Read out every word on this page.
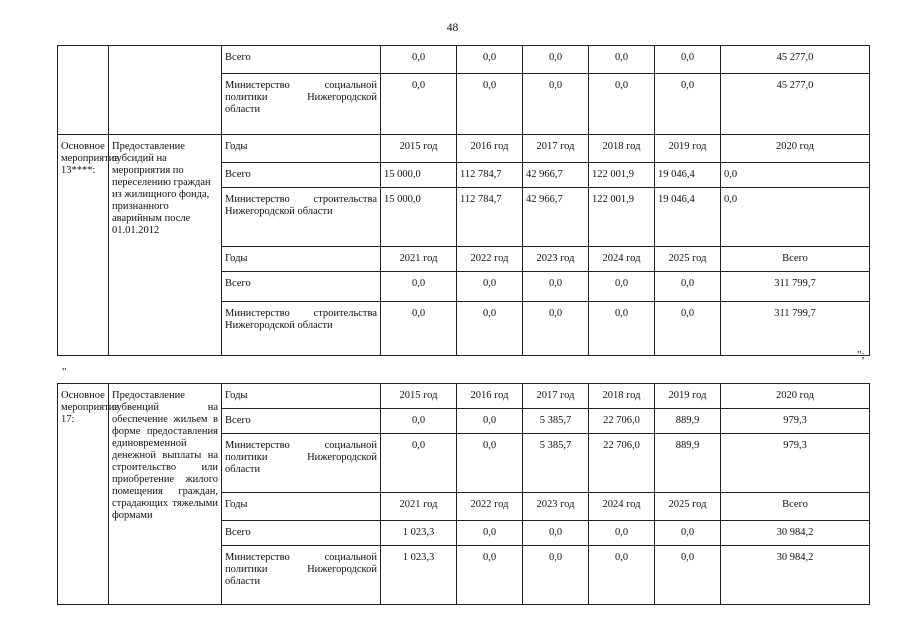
48
		Всего	0,0	0,0	0,0	0,0	0,0	45 277,0
		Министерство социальной политики Нижегородской области	0,0	0,0	0,0	0,0	0,0	45 277,0
Основное мероприятие 13****:	Предоставление субсидий на мероприятия по переселению граждан из жилищного фонда, признанного аварийным после 01.01.2012	Годы	2015 год	2016 год	2017 год	2018 год	2019 год	2020 год
		Всего	15 000,0	112 784,7	42 966,7	122 001,9	19 046,4	0,0
		Министерство строительства Нижегородской области	15 000,0	112 784,7	42 966,7	122 001,9	19 046,4	0,0
		Годы	2021 год	2022 год	2023 год	2024 год	2025 год	Всего
		Всего	0,0	0,0	0,0	0,0	0,0	311 799,7
		Министерство строительства Нижегородской области	0,0	0,0	0,0	0,0	0,0	311 799,7
";
"
Основное мероприятие 17:	Предоставление субвенций на обеспечение жильем в форме предоставления единовременной денежной выплаты на строительство или приобретение жилого помещения граждан, страдающих тяжелыми формами	Годы	2015 год	2016 год	2017 год	2018 год	2019 год	2020 год
		Всего	0,0	0,0	5 385,7	22 706,0	889,9	979,3
		Министерство социальной политики Нижегородской области	0,0	0,0	5 385,7	22 706,0	889,9	979,3
		Годы	2021 год	2022 год	2023 год	2024 год	2025 год	Всего
		Всего	1 023,3	0,0	0,0	0,0	0,0	30 984,2
		Министерство социальной политики Нижегородской области	1 023,3	0,0	0,0	0,0	0,0	30 984,2
